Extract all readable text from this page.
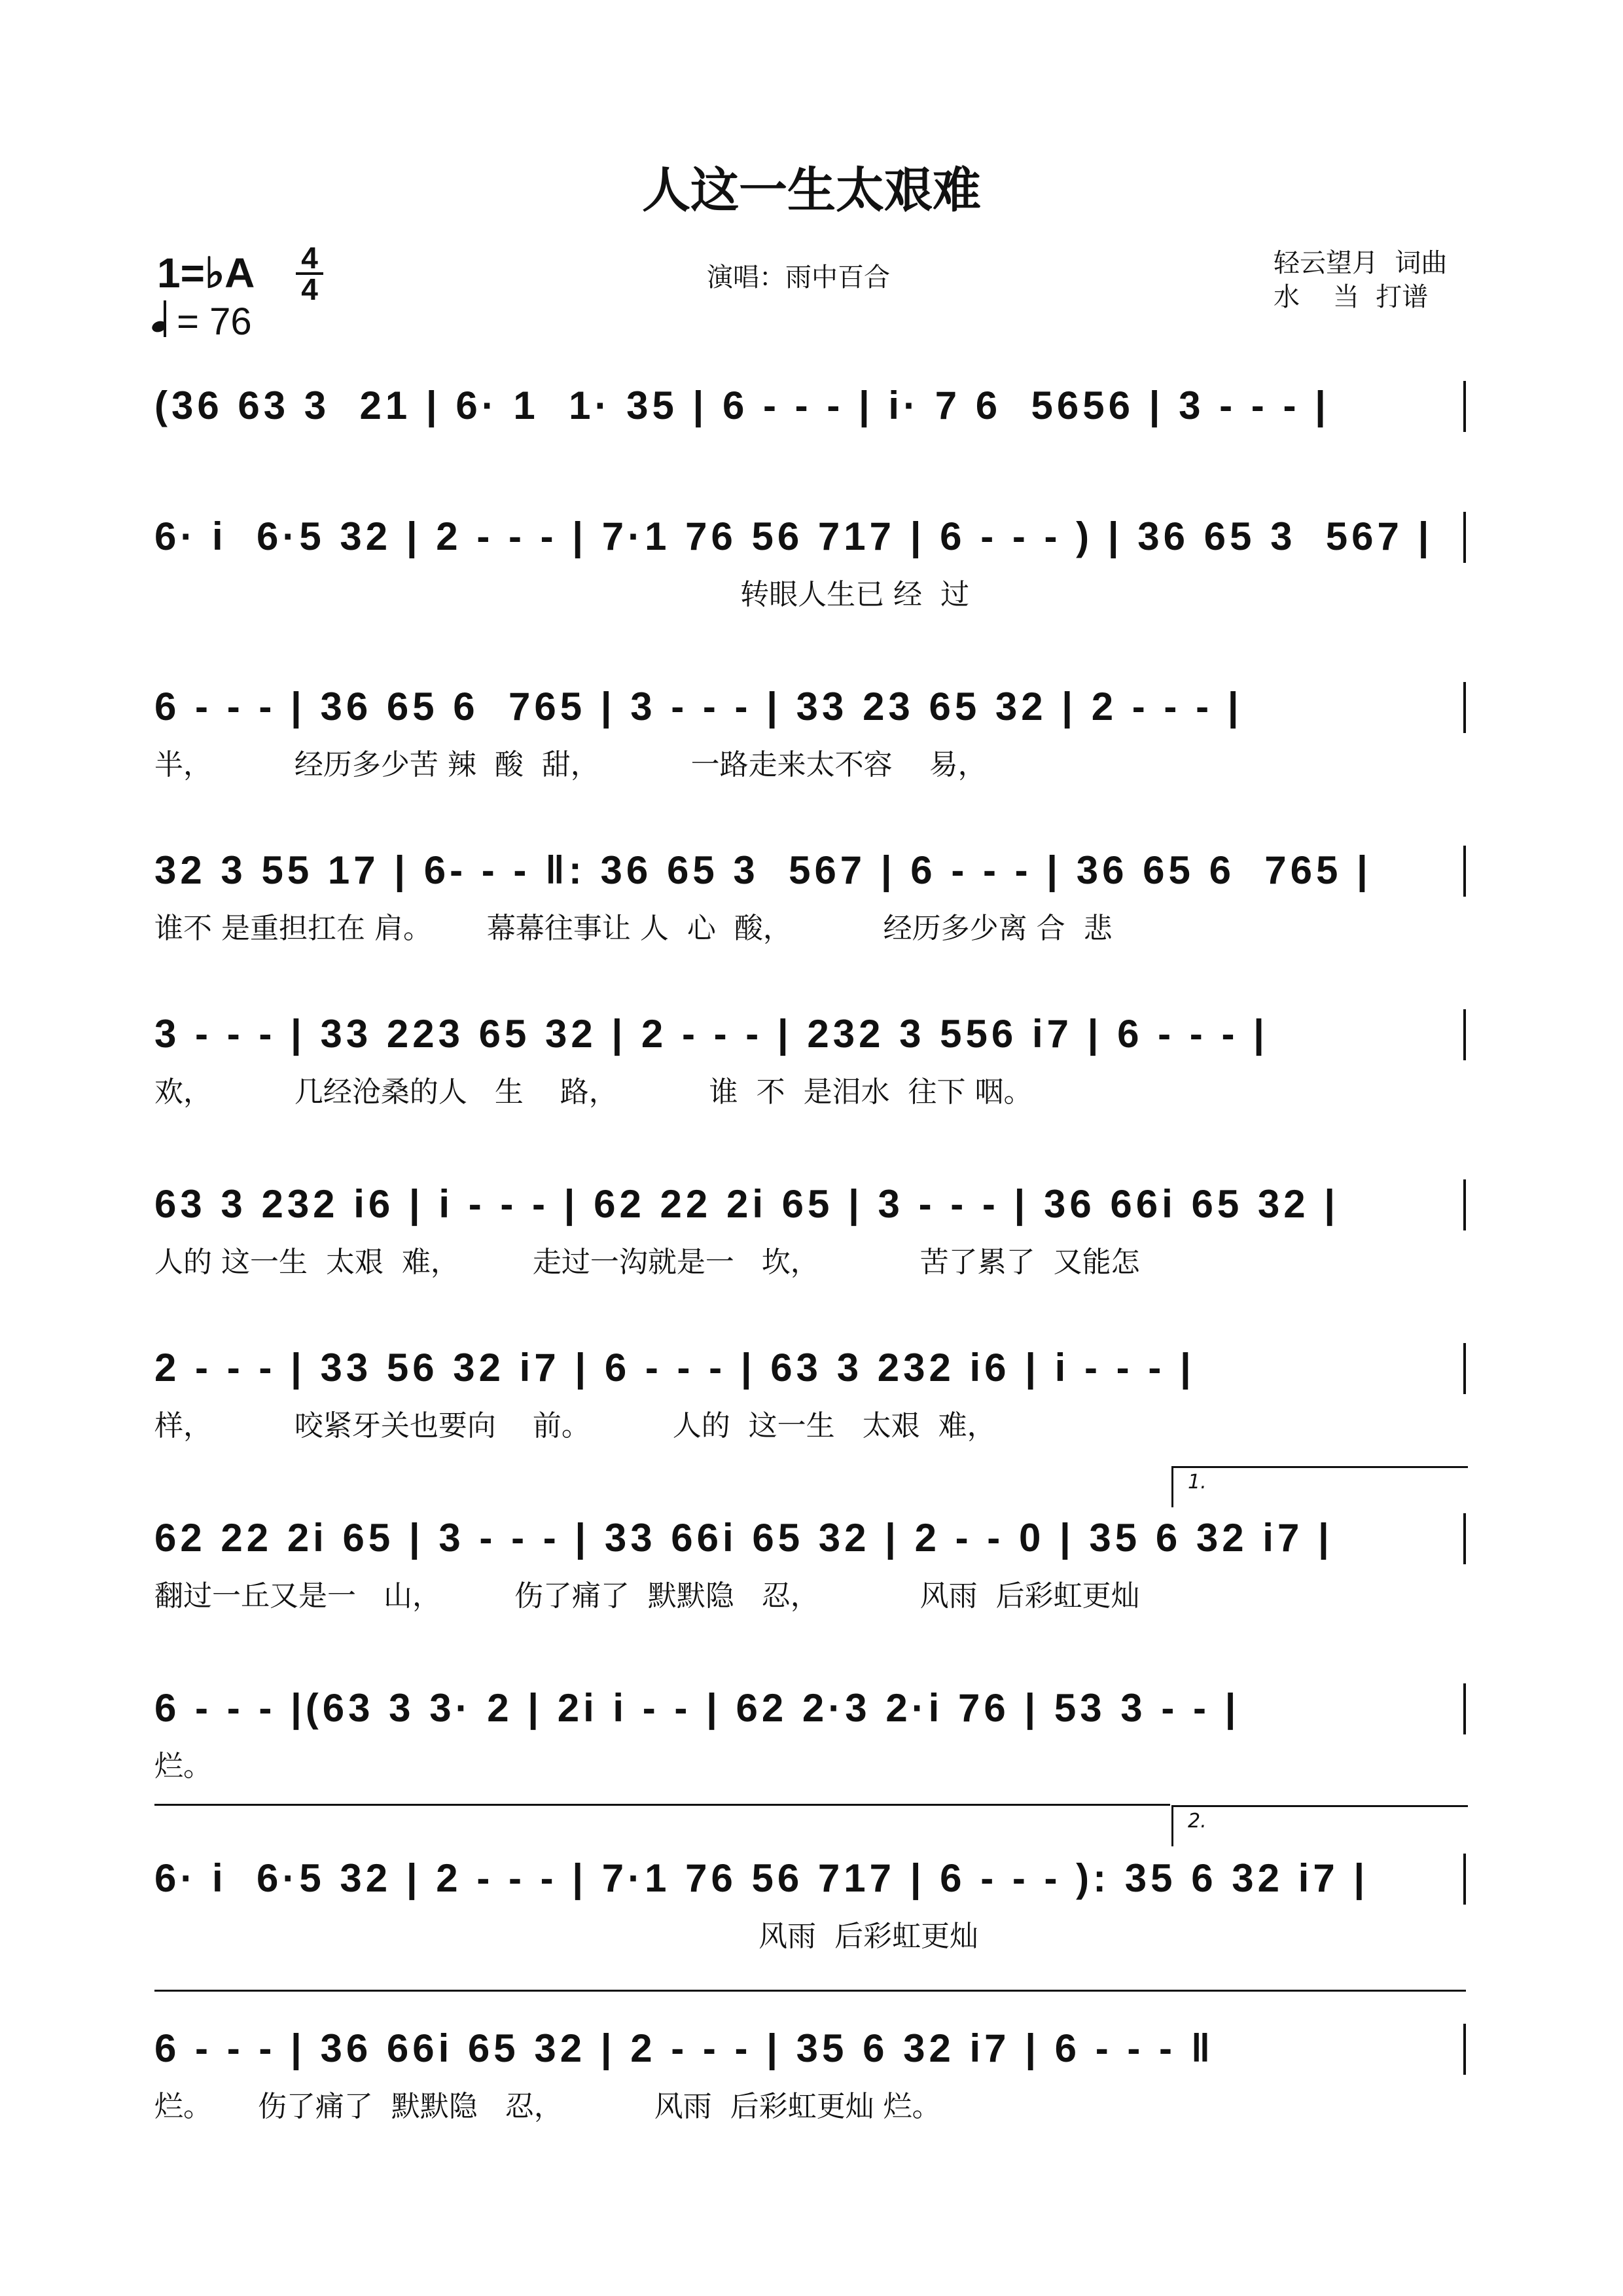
人这一生太艰难
1=♭A 4
4
= 76
演唱：雨中百合	轻云望月  词曲
水    当  打谱
(36 63 3  21 | 6· 1  1· 35 | 6 - - - | i· 7 6  5656 | 3 - - - |
6· i  6·5 32 | 2 - - - | 7·1 76 56 717 | 6 - - - ) | 36 65 3  567 |
转眼人生已 经  过
6 - - - | 36 65 6  765 | 3 - - - | 33 23 65 32 | 2 - - - |
半，         经历多少苦 辣  酸  甜，          一路走来太不容    易，
32 3 55 17 | 6- - - ‖: 36 65 3  567 | 6 - - - | 36 65 6  765 |
谁不 是重担扛在 肩。      幕幕往事让 人  心  酸，          经历多少离 合  悲
3 - - - | 33 223 65 32 | 2 - - - | 232 3 556 i7 | 6 - - - |
欢，         几经沧桑的人   生    路，          谁  不  是泪水  往下 咽。
63 3 232 i6 | i - - - | 62 22 2i 65 | 3 - - - | 36 66i 65 32 |
人的 这一生  太艰  难，        走过一沟就是一   坎，           苦了累了  又能怎
2 - - - | 33 56 32 i7 | 6 - - - | 63 3 232 i6 | i - - - |
样，         咬紧牙关也要向    前。         人的  这一生   太艰  难，
62 22 2i 65 | 3 - - - | 33 66i 65 32 | 2 - - 0 | 35 6 32 i7 |
翻过一丘又是一   山，        伤了痛了  默默隐   忍，           风雨  后彩虹更灿
6 - - - |(63 3 3· 2 | 2i i - - | 62 2·3 2·i 76 | 53 3 - - |
烂。
6· i  6·5 32 | 2 - - - | 7·1 76 56 717 | 6 - - - ): 35 6 32 i7 |
风雨  后彩虹更灿
6 - - - | 36 66i 65 32 | 2 - - - | 35 6 32 i7 | 6 - - - ‖
烂。     伤了痛了  默默隐   忍，          风雨  后彩虹更灿 烂。
1.
2.
